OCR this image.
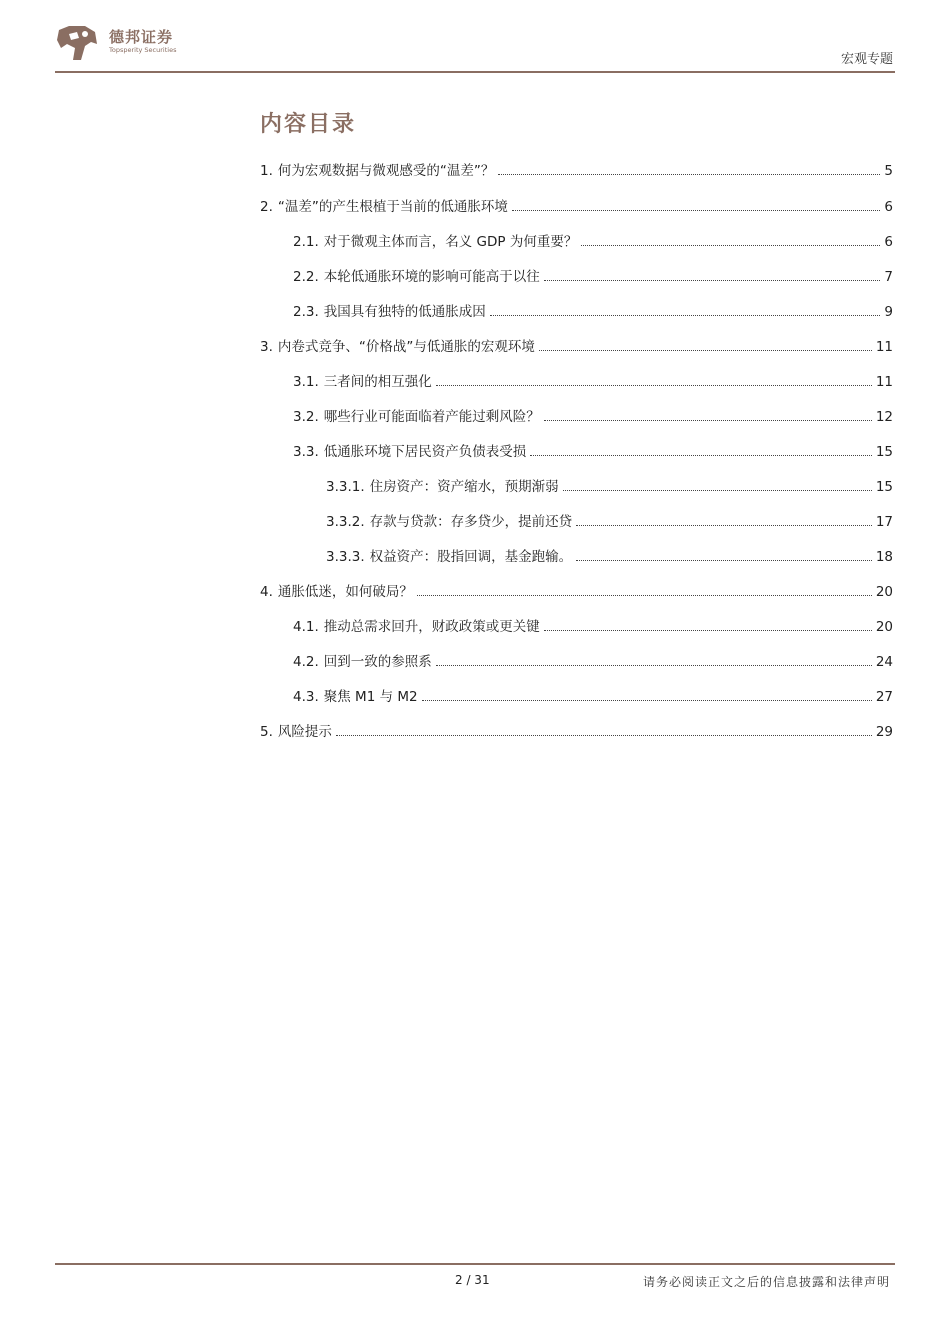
德邦证券
Topsperity Securities
宏观专题
内容目录
1. 何为宏观数据与微观感受的“温差”？	5
2. “温差”的产生根植于当前的低通胀环境	6
2.1. 对于微观主体而言，名义 GDP 为何重要？	6
2.2. 本轮低通胀环境的影响可能高于以往	7
2.3. 我国具有独特的低通胀成因	9
3. 内卷式竞争、“价格战”与低通胀的宏观环境	11
3.1. 三者间的相互强化	11
3.2. 哪些行业可能面临着产能过剩风险？	12
3.3. 低通胀环境下居民资产负债表受损	15
3.3.1. 住房资产：资产缩水，预期渐弱	15
3.3.2. 存款与贷款：存多贷少，提前还贷	17
3.3.3. 权益资产：股指回调，基金跑输。	18
4. 通胀低迷，如何破局？	20
4.1. 推动总需求回升，财政政策或更关键	20
4.2. 回到一致的参照系	24
4.3. 聚焦 M1 与 M2	27
5. 风险提示	29
2 / 31	请务必阅读正文之后的信息披露和法律声明
